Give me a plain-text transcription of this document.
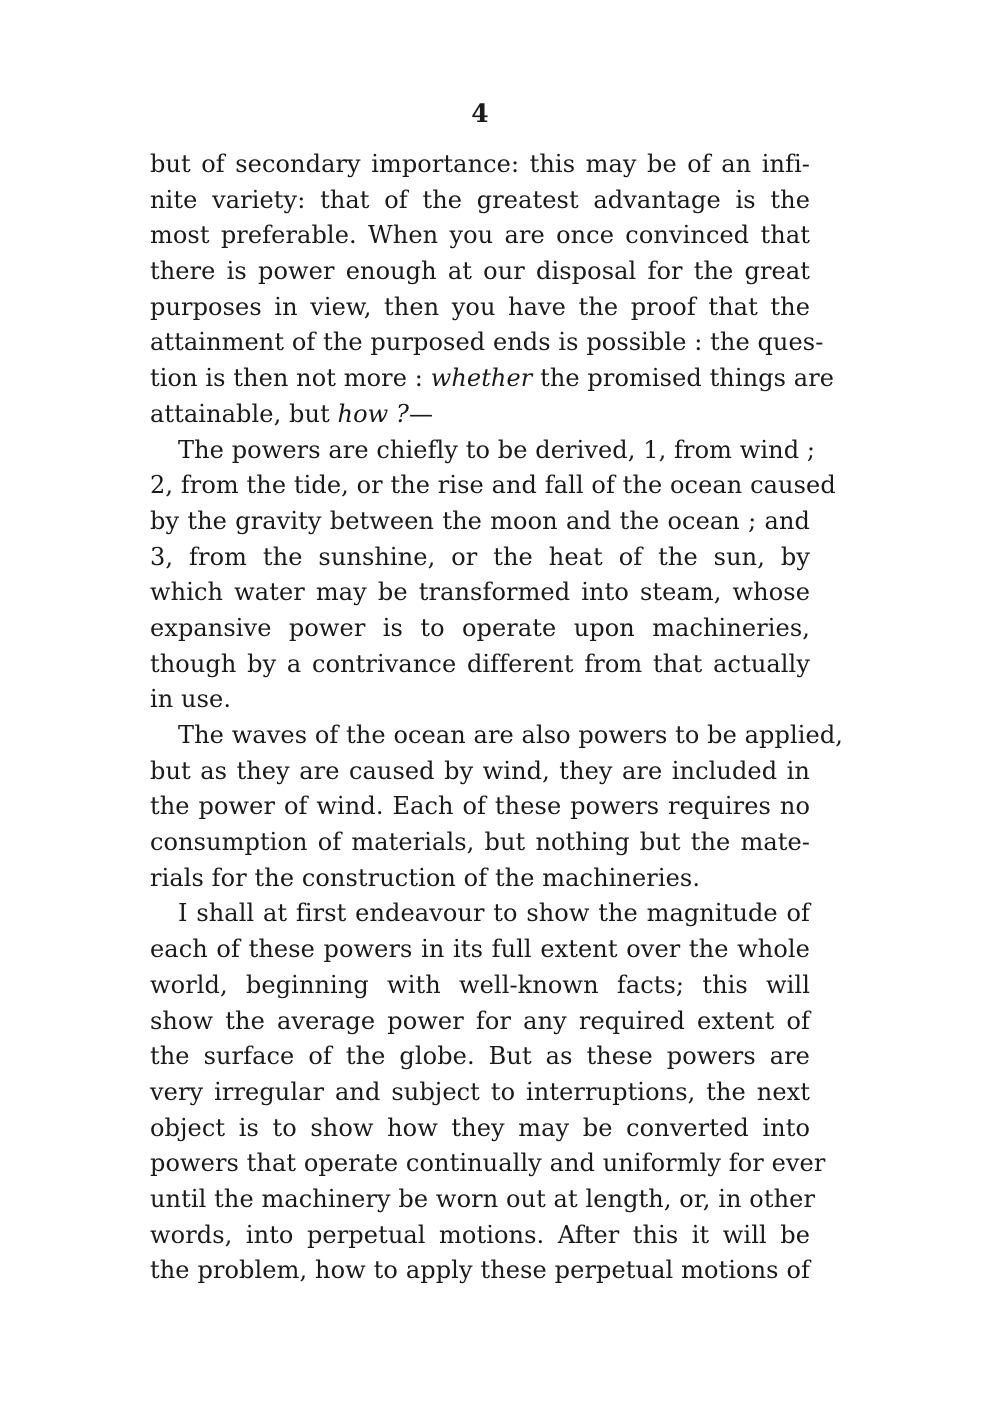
4
but of secondary importance: this may be of an infi-
nite variety: that of the greatest advantage is the
most preferable. When you are once convinced that
there is power enough at our disposal for the great
purposes in view, then you have the proof that the
attainment of the purposed ends is possible : the ques-
tion is then not more : whether the promised things are
attainable, but how ?—
The powers are chiefly to be derived, 1, from wind ;
2, from the tide, or the rise and fall of the ocean caused
by the gravity between the moon and the ocean ; and
3, from the sunshine, or the heat of the sun, by
which water may be transformed into steam, whose
expansive power is to operate upon machineries,
though by a contrivance different from that actually
in use.
The waves of the ocean are also powers to be applied,
but as they are caused by wind, they are included in
the power of wind. Each of these powers requires no
consumption of materials, but nothing but the mate-
rials for the construction of the machineries.
I shall at first endeavour to show the magnitude of
each of these powers in its full extent over the whole
world, beginning with well-known facts; this will
show the average power for any required extent of
the surface of the globe. But as these powers are
very irregular and subject to interruptions, the next
object is to show how they may be converted into
powers that operate continually and uniformly for ever
until the machinery be worn out at length, or, in other
words, into perpetual motions. After this it will be
the problem, how to apply these perpetual motions of
